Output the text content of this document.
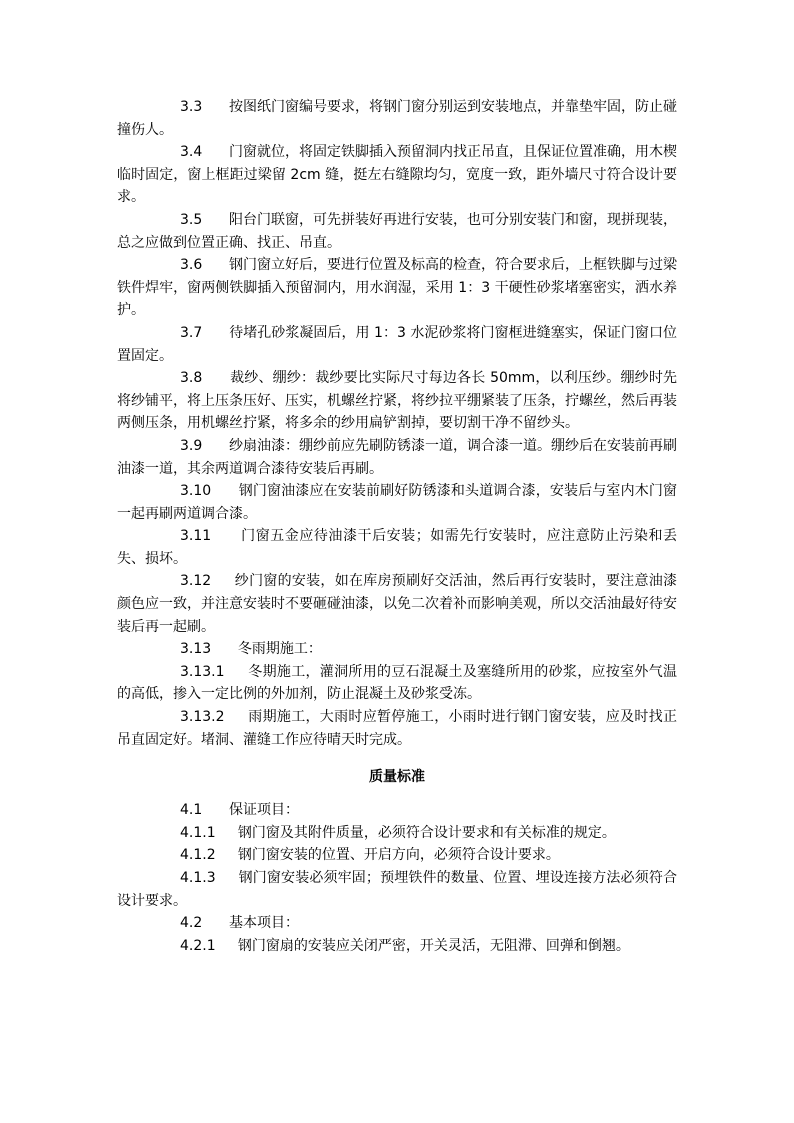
3.3 按图纸门窗编号要求，将钢门窗分别运到安装地点，并靠垫牢固，防止碰撞伤人。

3.4 门窗就位，将固定铁脚插入预留洞内找正吊直，且保证位置准确，用木楔临时固定，窗上框距过梁留 2cm 缝，挺左右缝隙均匀，宽度一致，距外墙尺寸符合设计要求。

3.5 阳台门联窗，可先拼装好再进行安装，也可分别安装门和窗，现拼现装，总之应做到位置正确、找正、吊直。

3.6 钢门窗立好后，要进行位置及标高的检查，符合要求后，上框铁脚与过梁铁件焊牢，窗两侧铁脚插入预留洞内，用水润湿，采用 1：3 干硬性砂浆堵塞密实，洒水养护。

3.7 待堵孔砂浆凝固后，用 1：3 水泥砂浆将门窗框进缝塞实，保证门窗口位置固定。

3.8 裁纱、绷纱：裁纱要比实际尺寸每边各长 50mm，以利压纱。绷纱时先将纱铺平，将上压条压好、压实，机螺丝拧紧，将纱拉平绷紧装了压条，拧螺丝，然后再装两侧压条，用机螺丝拧紧，将多余的纱用扁铲割掉，要切割干净不留纱头。

3.9 纱扇油漆：绷纱前应先刷防锈漆一道，调合漆一道。绷纱后在安装前再刷油漆一道，其余两道调合漆待安装后再刷。

3.10 钢门窗油漆应在安装前刷好防锈漆和头道调合漆，安装后与室内木门窗一起再刷两道调合漆。

3.11 门窗五金应待油漆干后安装；如需先行安装时，应注意防止污染和丢失、损坏。

3.12 纱门窗的安装，如在库房预刷好交活油，然后再行安装时，要注意油漆颜色应一致，并注意安装时不要砸碰油漆，以免二次着补而影响美观，所以交活油最好待安装后再一起刷。

3.13 冬雨期施工：

3.13.1 冬期施工，灌洞所用的豆石混凝土及塞缝所用的砂浆，应按室外气温的高低，掺入一定比例的外加剂，防止混凝土及砂浆受冻。

3.13.2 雨期施工，大雨时应暂停施工，小雨时进行钢门窗安装，应及时找正吊直固定好。堵洞、灌缝工作应待晴天时完成。

质量标准

4.1 保证项目：

4.1.1 钢门窗及其附件质量，必须符合设计要求和有关标准的规定。

4.1.2 钢门窗安装的位置、开启方向，必须符合设计要求。

4.1.3 钢门窗安装必须牢固；预埋铁件的数量、位置、埋设连接方法必须符合设计要求。

4.2 基本项目：

4.2.1 钢门窗扇的安装应关闭严密，开关灵活，无阻滞、回弹和倒翘。
